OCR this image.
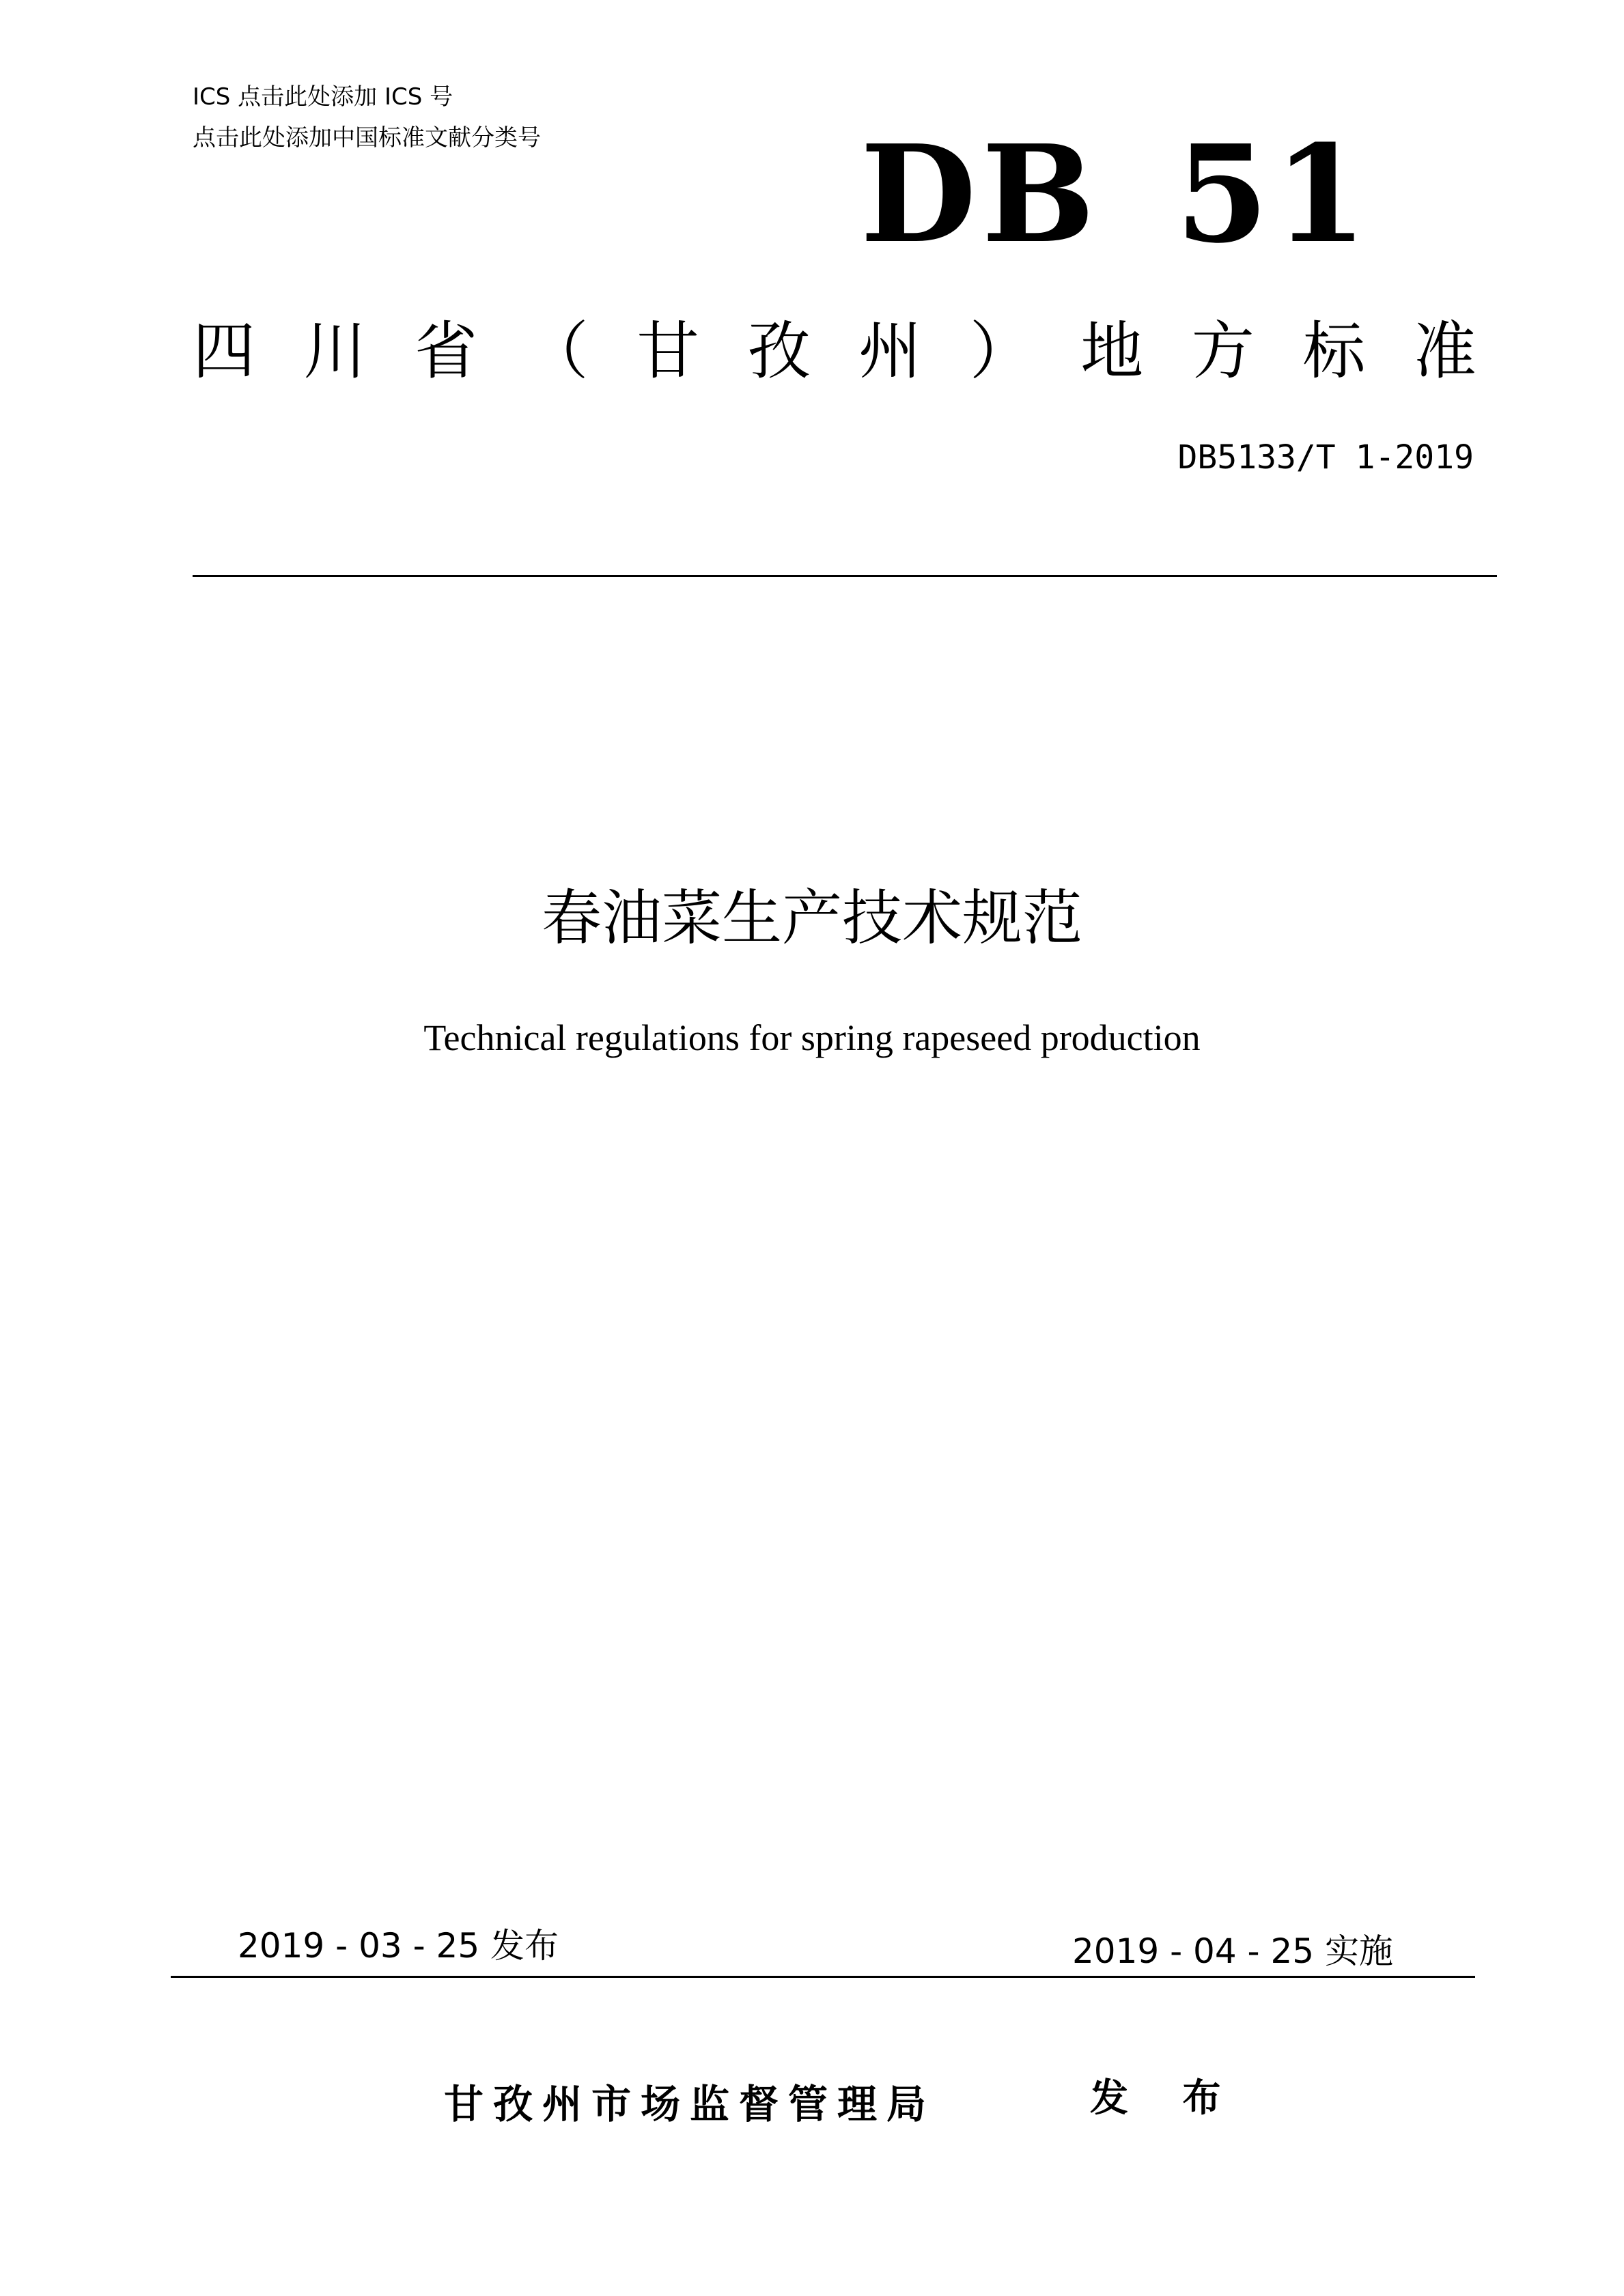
ICS 点击此处添加 ICS 号
点击此处添加中国标准文献分类号 DB 51
四 川 省 （ 甘 孜 州 ） 地 方 标 准
DB5133/T 1-2019
春油菜生产技术规范
Technical regulations for spring rapeseed production
2019 - 03 - 25 发布	2019 - 04 - 25 实施
甘孜州市场监督管理局	发 布
